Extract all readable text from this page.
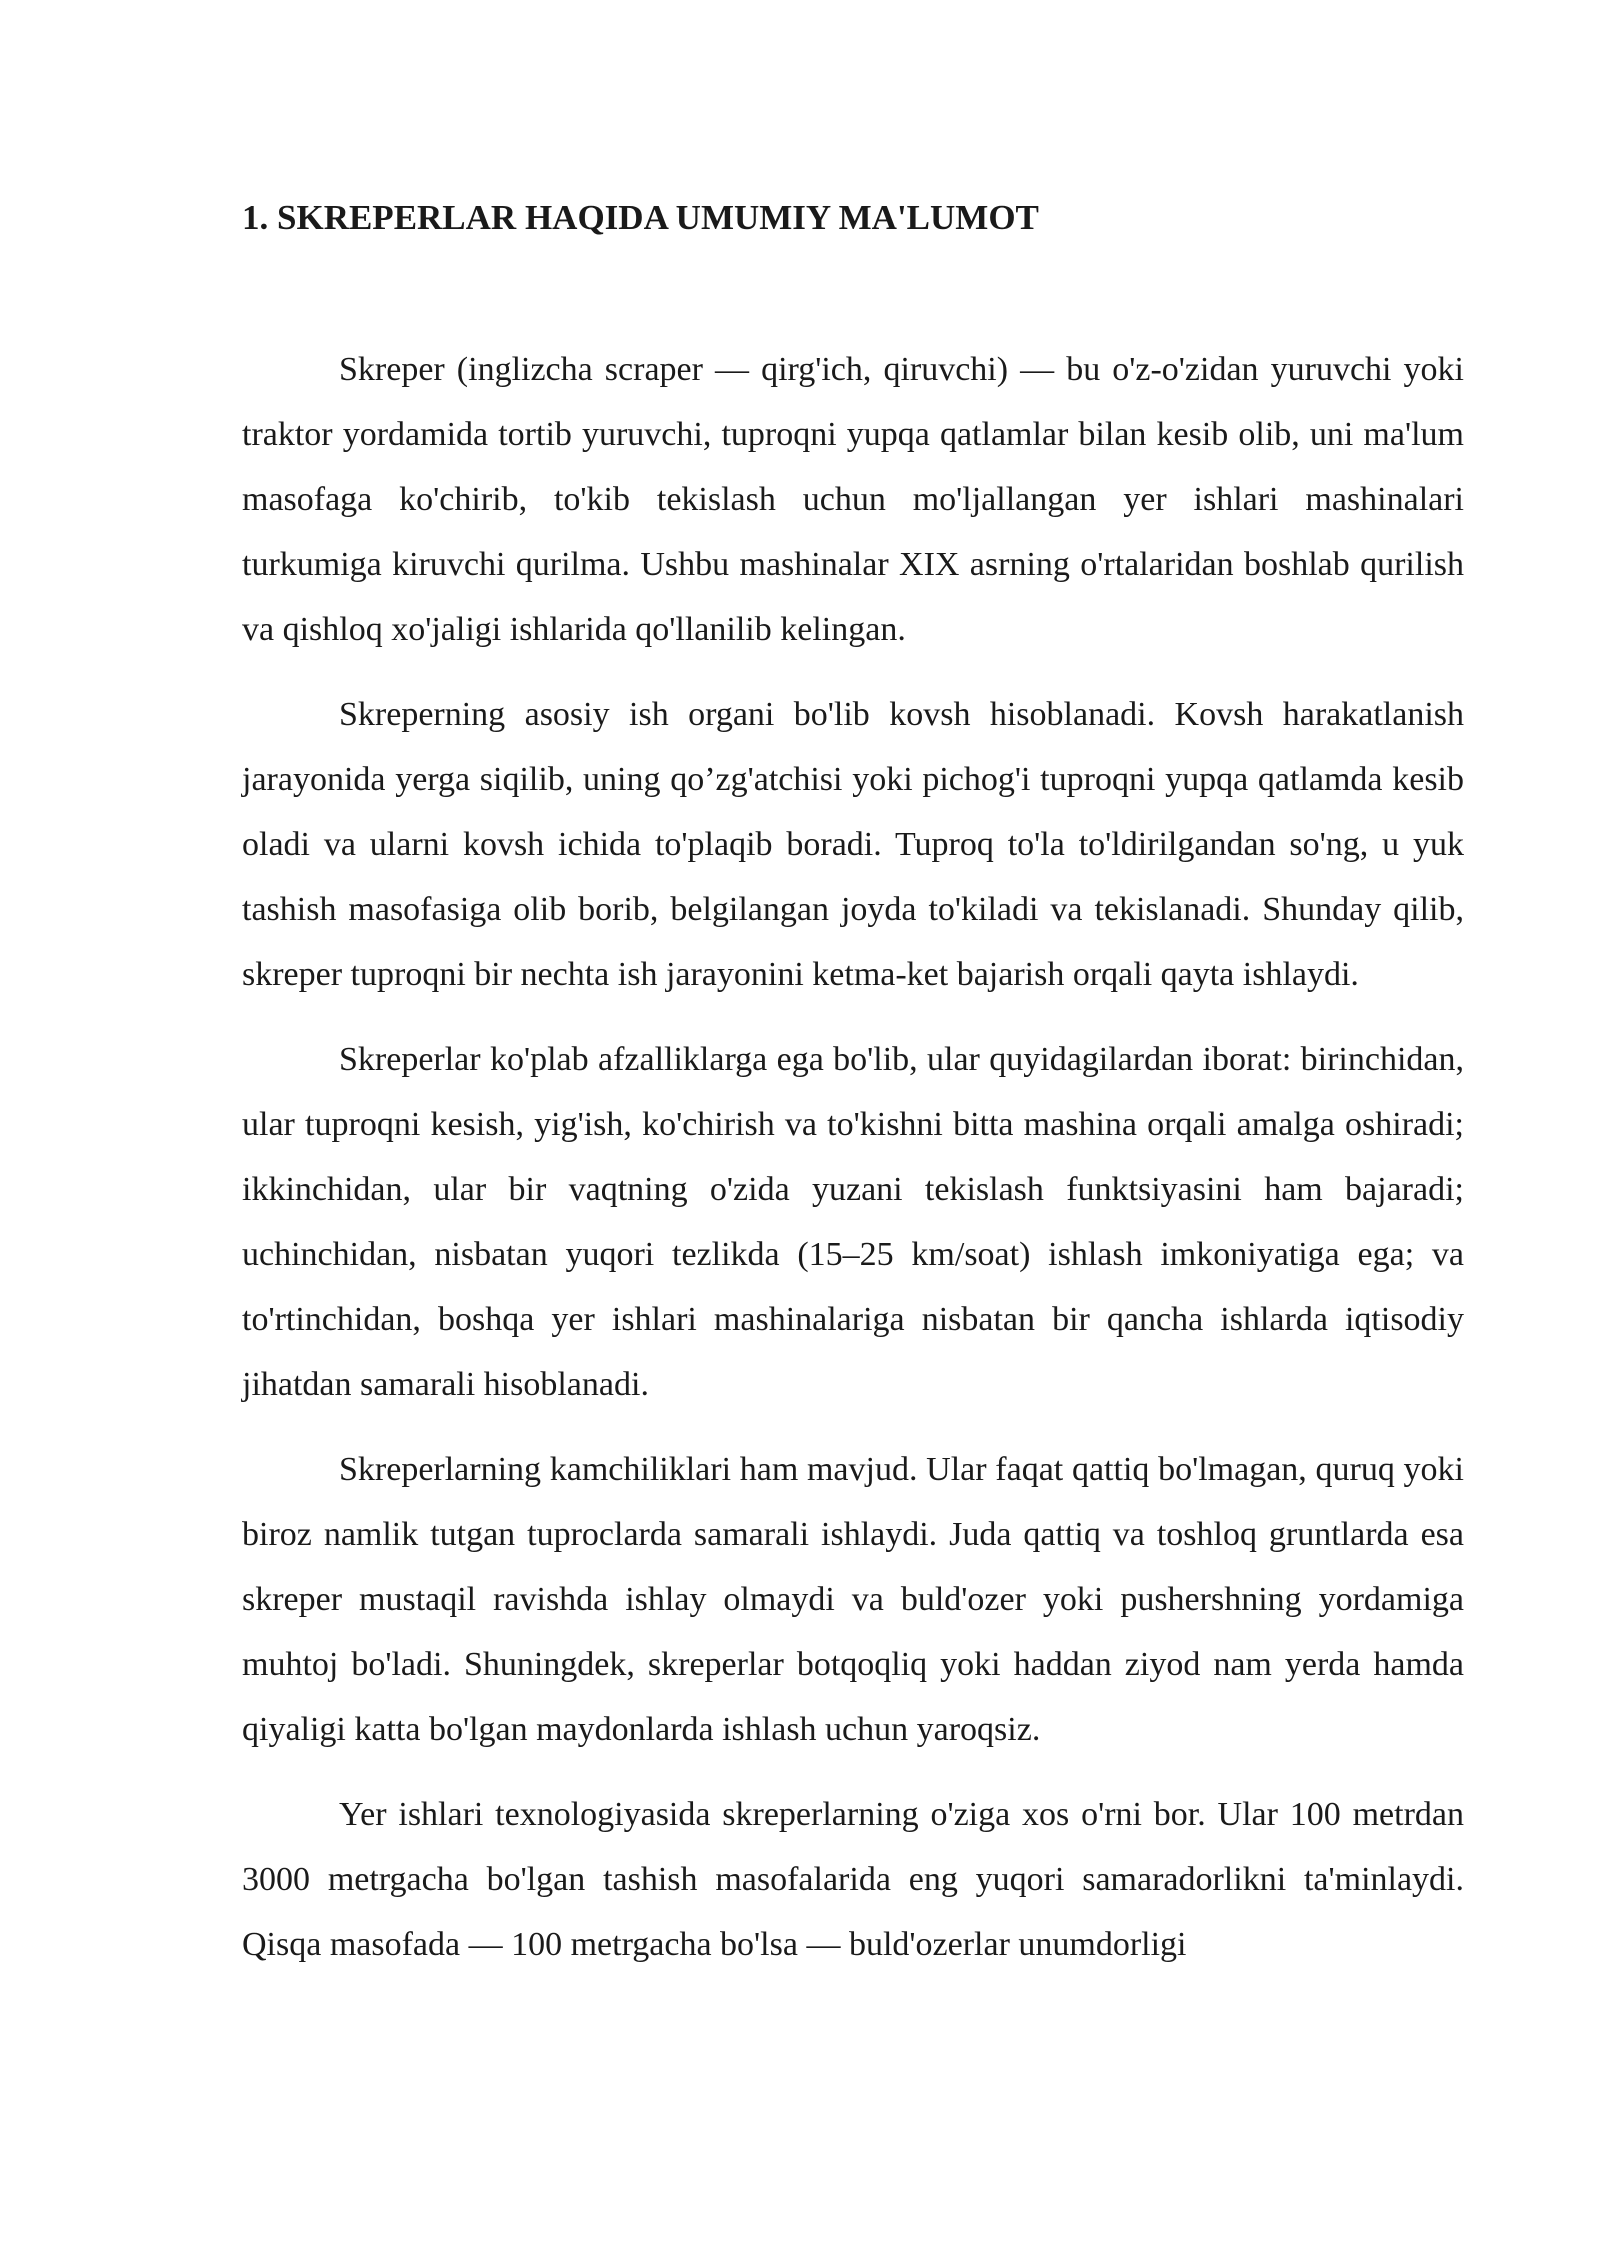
1. SKREPERLAR HAQIDA UMUMIY MA'LUMOT

Skreper (inglizcha scraper — qirg'ich, qiruvchi) — bu o'z-o'zidan yuruvchi yoki traktor yordamida tortib yuruvchi, tuproqni yupqa qatlamlar bilan kesib olib, uni ma'lum masofaga ko'chirib, to'kib tekislash uchun mo'ljallangan yer ishlari mashinalari turkumiga kiruvchi qurilma. Ushbu mashinalar XIX asrning o'rtalaridan boshlab qurilish va qishloq xo'jaligi ishlarida qo'llanilib kelingan.

Skreperning asosiy ish organi bo'lib kovsh hisoblanadi. Kovsh harakatlanish jarayonida yerga siqilib, uning qo’zg'atchisi yoki pichog'i tuproqni yupqa qatlamda kesib oladi va ularni kovsh ichida to'plaqib boradi. Tuproq to'la to'ldirilgandan so'ng, u yuk tashish masofasiga olib borib, belgilangan joyda to'kiladi va tekislanadi. Shunday qilib, skreper tuproqni bir nechta ish jarayonini ketma-ket bajarish orqali qayta ishlaydi.

Skreperlar ko'plab afzalliklarga ega bo'lib, ular quyidagilardan iborat: birinchidan, ular tuproqni kesish, yig'ish, ko'chirish va to'kishni bitta mashina orqali amalga oshiradi; ikkinchidan, ular bir vaqtning o'zida yuzani tekislash funktsiyasini ham bajaradi; uchinchidan, nisbatan yuqori tezlikda (15–25 km/soat) ishlash imkoniyatiga ega; va to'rtinchidan, boshqa yer ishlari mashinalariga nisbatan bir qancha ishlarda iqtisodiy jihatdan samarali hisoblanadi.

Skreperlarning kamchiliklari ham mavjud. Ular faqat qattiq bo'lmagan, quruq yoki biroz namlik tutgan tuproclarda samarali ishlaydi. Juda qattiq va toshloq gruntlarda esa skreper mustaqil ravishda ishlay olmaydi va buld'ozer yoki pushershning yordamiga muhtoj bo'ladi. Shuningdek, skreperlar botqoqliq yoki haddan ziyod nam yerda hamda qiyaligi katta bo'lgan maydonlarda ishlash uchun yaroqsiz.

Yer ishlari texnologiyasida skreperlarning o'ziga xos o'rni bor. Ular 100 metrdan 3000 metrgacha bo'lgan tashish masofalarida eng yuqori samaradorlikni ta'minlaydi. Qisqa masofada — 100 metrgacha bo'lsa — buld'ozerlar unumdorligi
